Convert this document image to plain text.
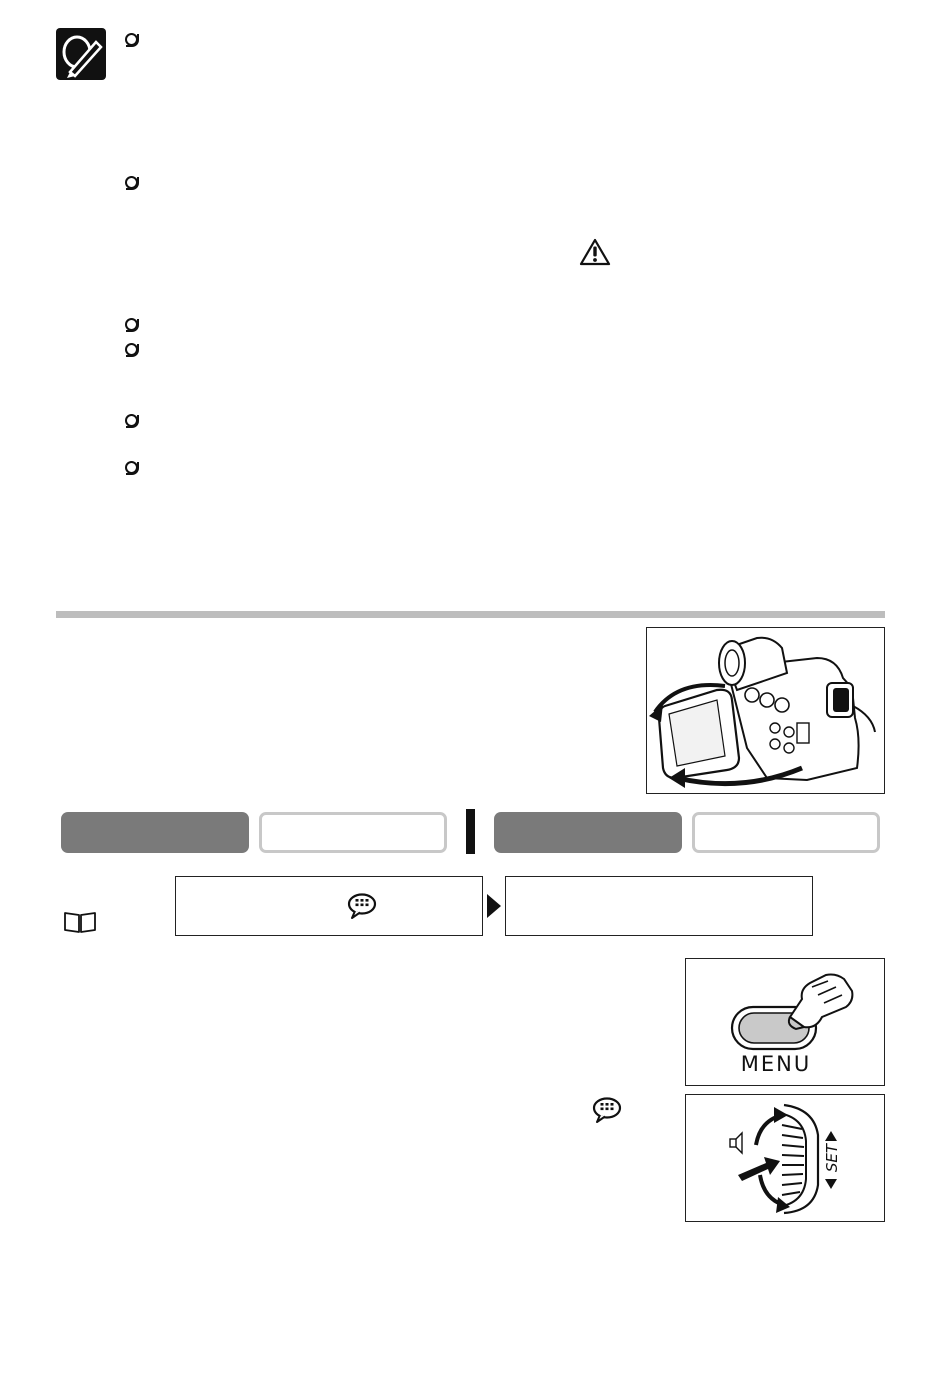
MENU
SET
